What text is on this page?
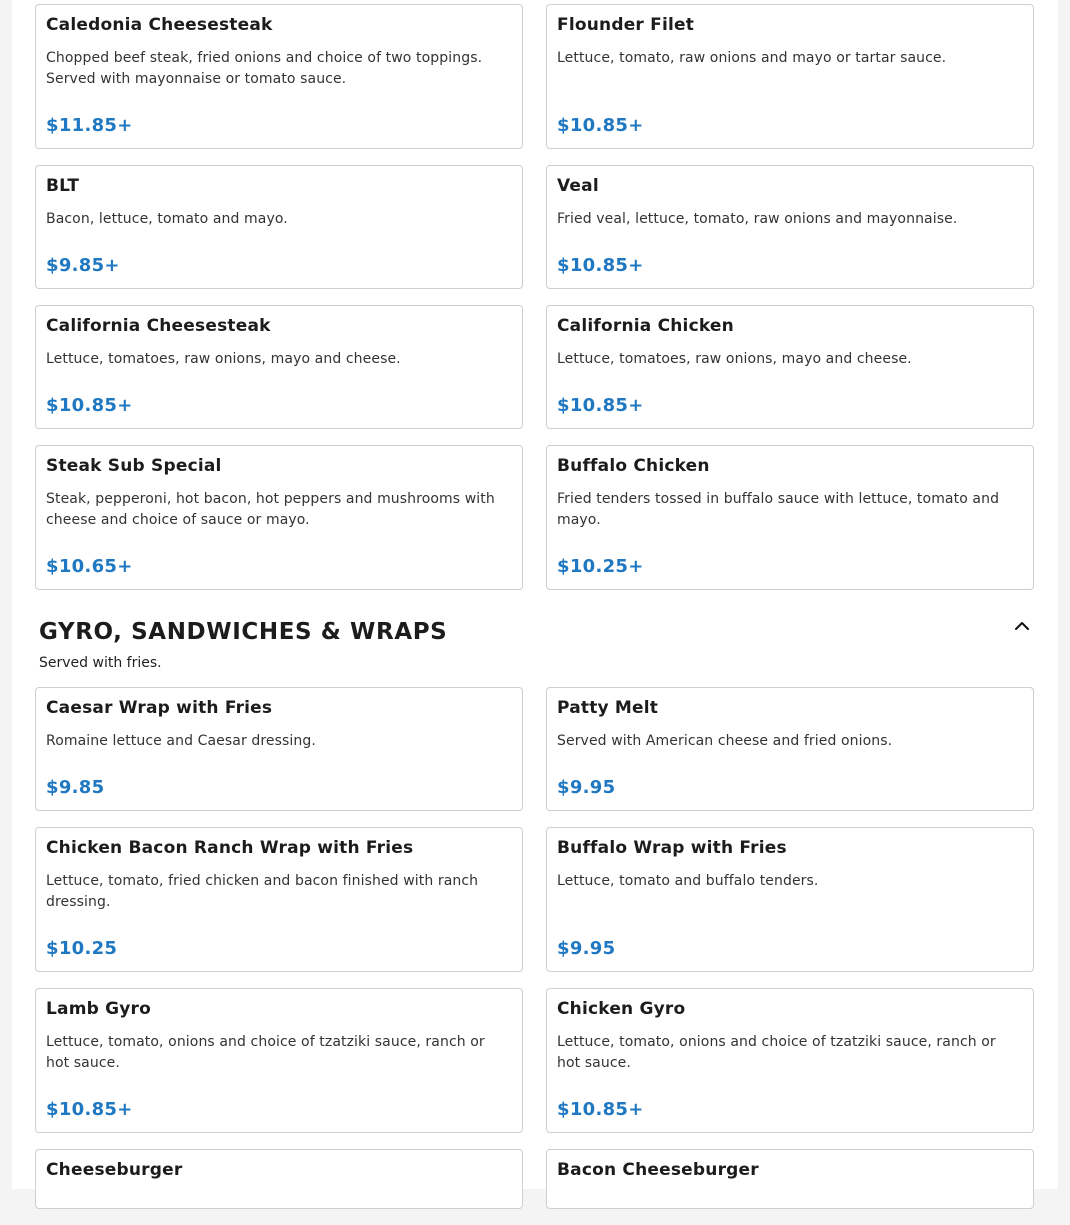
Caledonia Cheesesteak
Chopped beef steak, fried onions and choice of two toppings. Served with mayonnaise or tomato sauce.
$11.85+
Flounder Filet
Lettuce, tomato, raw onions and mayo or tartar sauce.
$10.85+
BLT
Bacon, lettuce, tomato and mayo.
$9.85+
Veal
Fried veal, lettuce, tomato, raw onions and mayonnaise.
$10.85+
California Cheesesteak
Lettuce, tomatoes, raw onions, mayo and cheese.
$10.85+
California Chicken
Lettuce, tomatoes, raw onions, mayo and cheese.
$10.85+
Steak Sub Special
Steak, pepperoni, hot bacon, hot peppers and mushrooms with cheese and choice of sauce or mayo.
$10.65+
Buffalo Chicken
Fried tenders tossed in buffalo sauce with lettuce, tomato and mayo.
$10.25+
GYRO, SANDWICHES & WRAPS
Served with fries.
Caesar Wrap with Fries
Romaine lettuce and Caesar dressing.
$9.85
Patty Melt
Served with American cheese and fried onions.
$9.95
Chicken Bacon Ranch Wrap with Fries
Lettuce, tomato, fried chicken and bacon finished with ranch dressing.
$10.25
Buffalo Wrap with Fries
Lettuce, tomato and buffalo tenders.
$9.95
Lamb Gyro
Lettuce, tomato, onions and choice of tzatziki sauce, ranch or hot sauce.
$10.85+
Chicken Gyro
Lettuce, tomato, onions and choice of tzatziki sauce, ranch or hot sauce.
$10.85+
Cheeseburger	Bacon Cheeseburger
